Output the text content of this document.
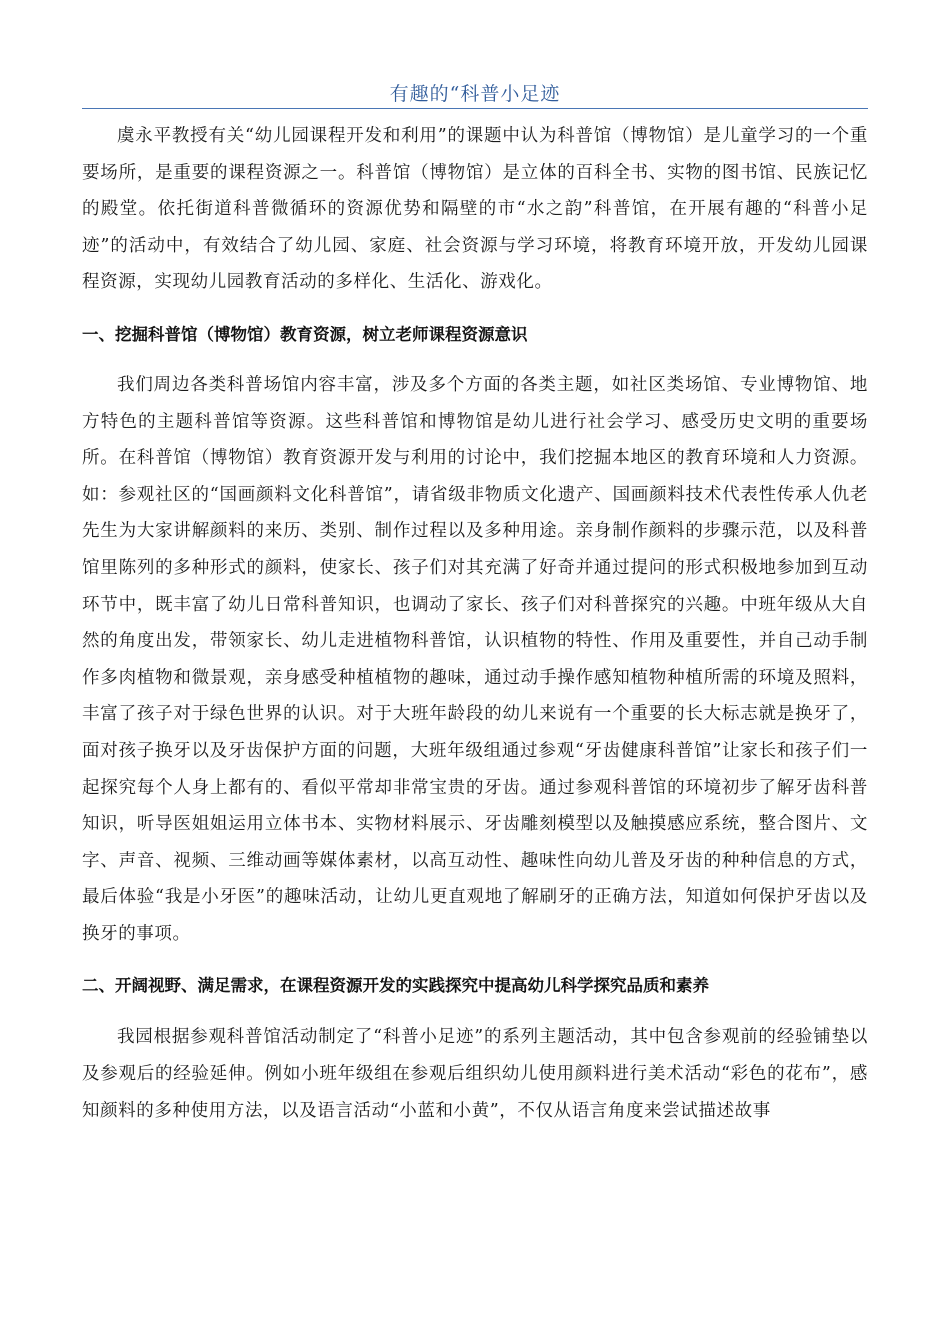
有趣的“科普小足迹

虞永平教授有关“幼儿园课程开发和利用”的课题中认为科普馆（博物馆）是儿童学习的一个重要场所，是重要的课程资源之一。科普馆（博物馆）是立体的百科全书、实物的图书馆、民族记忆的殿堂。依托街道科普微循环的资源优势和隔壁的市“水之韵”科普馆，在开展有趣的“科普小足迹”的活动中，有效结合了幼儿园、家庭、社会资源与学习环境，将教育环境开放，开发幼儿园课程资源，实现幼儿园教育活动的多样化、生活化、游戏化。

一、挖掘科普馆（博物馆）教育资源，树立老师课程资源意识

我们周边各类科普场馆内容丰富，涉及多个方面的各类主题，如社区类场馆、专业博物馆、地方特色的主题科普馆等资源。这些科普馆和博物馆是幼儿进行社会学习、感受历史文明的重要场所。在科普馆（博物馆）教育资源开发与利用的讨论中，我们挖掘本地区的教育环境和人力资源。如：参观社区的“国画颜料文化科普馆”，请省级非物质文化遗产、国画颜料技术代表性传承人仇老先生为大家讲解颜料的来历、类别、制作过程以及多种用途。亲身制作颜料的步骤示范，以及科普馆里陈列的多种形式的颜料，使家长、孩子们对其充满了好奇并通过提问的形式积极地参加到互动环节中，既丰富了幼儿日常科普知识，也调动了家长、孩子们对科普探究的兴趣。中班年级从大自然的角度出发，带领家长、幼儿走进植物科普馆，认识植物的特性、作用及重要性，并自己动手制作多肉植物和微景观，亲身感受种植植物的趣味，通过动手操作感知植物种植所需的环境及照料，丰富了孩子对于绿色世界的认识。对于大班年龄段的幼儿来说有一个重要的长大标志就是换牙了，面对孩子换牙以及牙齿保护方面的问题，大班年级组通过参观“牙齿健康科普馆”让家长和孩子们一起探究每个人身上都有的、看似平常却非常宝贵的牙齿。通过参观科普馆的环境初步了解牙齿科普知识，听导医姐姐运用立体书本、实物材料展示、牙齿雕刻模型以及触摸感应系统，整合图片、文字、声音、视频、三维动画等媒体素材，以高互动性、趣味性向幼儿普及牙齿的种种信息的方式，最后体验“我是小牙医”的趣味活动，让幼儿更直观地了解刷牙的正确方法，知道如何保护牙齿以及换牙的事项。

二、开阔视野、满足需求，在课程资源开发的实践探究中提高幼儿科学探究品质和素养

我园根据参观科普馆活动制定了“科普小足迹”的系列主题活动，其中包含参观前的经验铺垫以及参观后的经验延伸。例如小班年级组在参观后组织幼儿使用颜料进行美术活动“彩色的花布”，感知颜料的多种使用方法，以及语言活动“小蓝和小黄”，不仅从语言角度来尝试描述故事
